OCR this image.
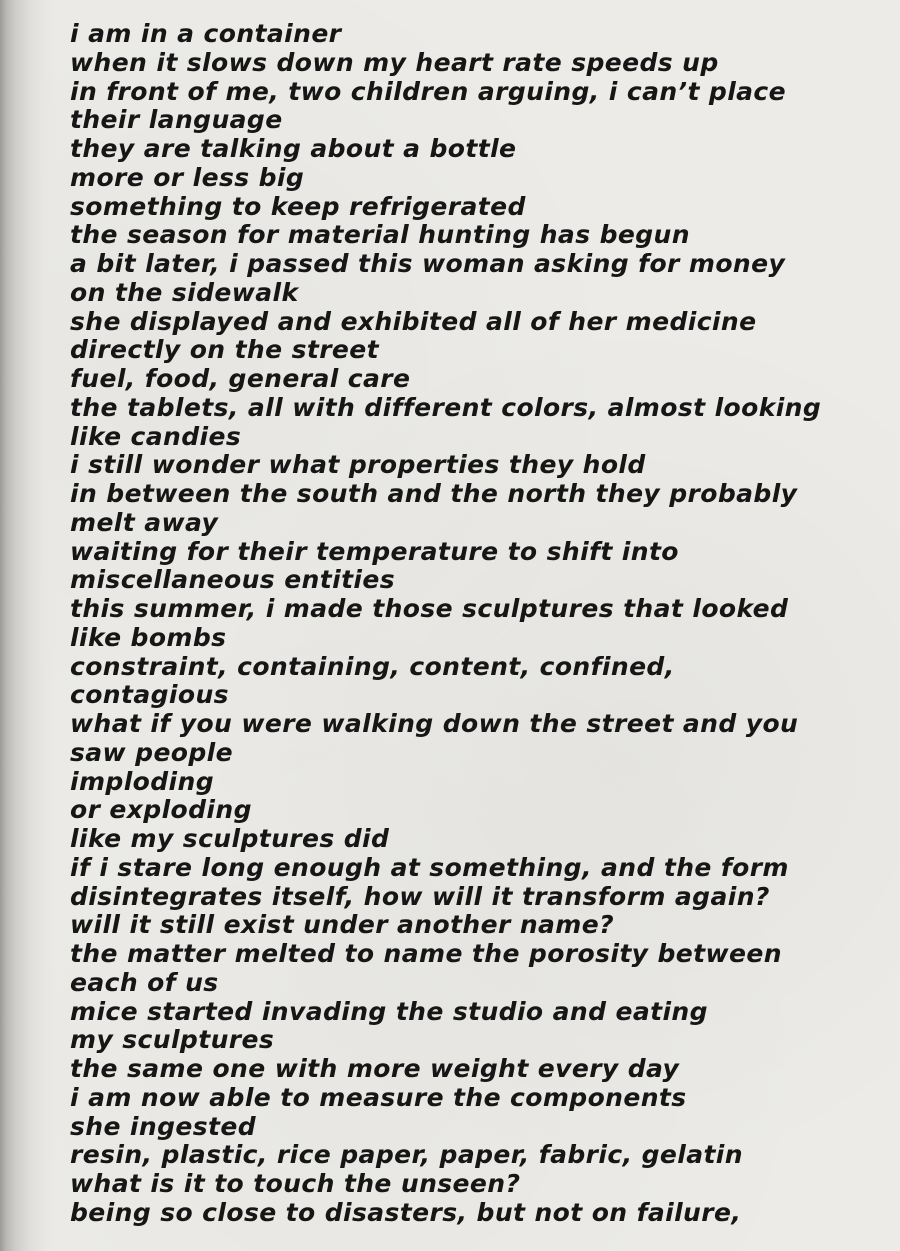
i am in a container
when it slows down my heart rate speeds up
in front of me, two children arguing, i can’t place
their language
they are talking about a bottle
more or less big
something to keep refrigerated
the season for material hunting has begun
a bit later, i passed this woman asking for money
on the sidewalk
she displayed and exhibited all of her medicine
directly on the street
fuel, food, general care
the tablets, all with different colors, almost looking
like candies
i still wonder what properties they hold
in between the south and the north they probably
melt away
waiting for their temperature to shift into
miscellaneous entities
this summer, i made those sculptures that looked
like bombs
constraint, containing, content, confined,
contagious
what if you were walking down the street and you
saw people
imploding
or exploding
like my sculptures did
if i stare long enough at something, and the form
disintegrates itself, how will it transform again?
will it still exist under another name?
the matter melted to name the porosity between
each of us
mice started invading the studio and eating
my sculptures
the same one with more weight every day
i am now able to measure the components
she ingested
resin, plastic, rice paper, paper, fabric, gelatin
what is it to touch the unseen?
being so close to disasters, but not on failure,
